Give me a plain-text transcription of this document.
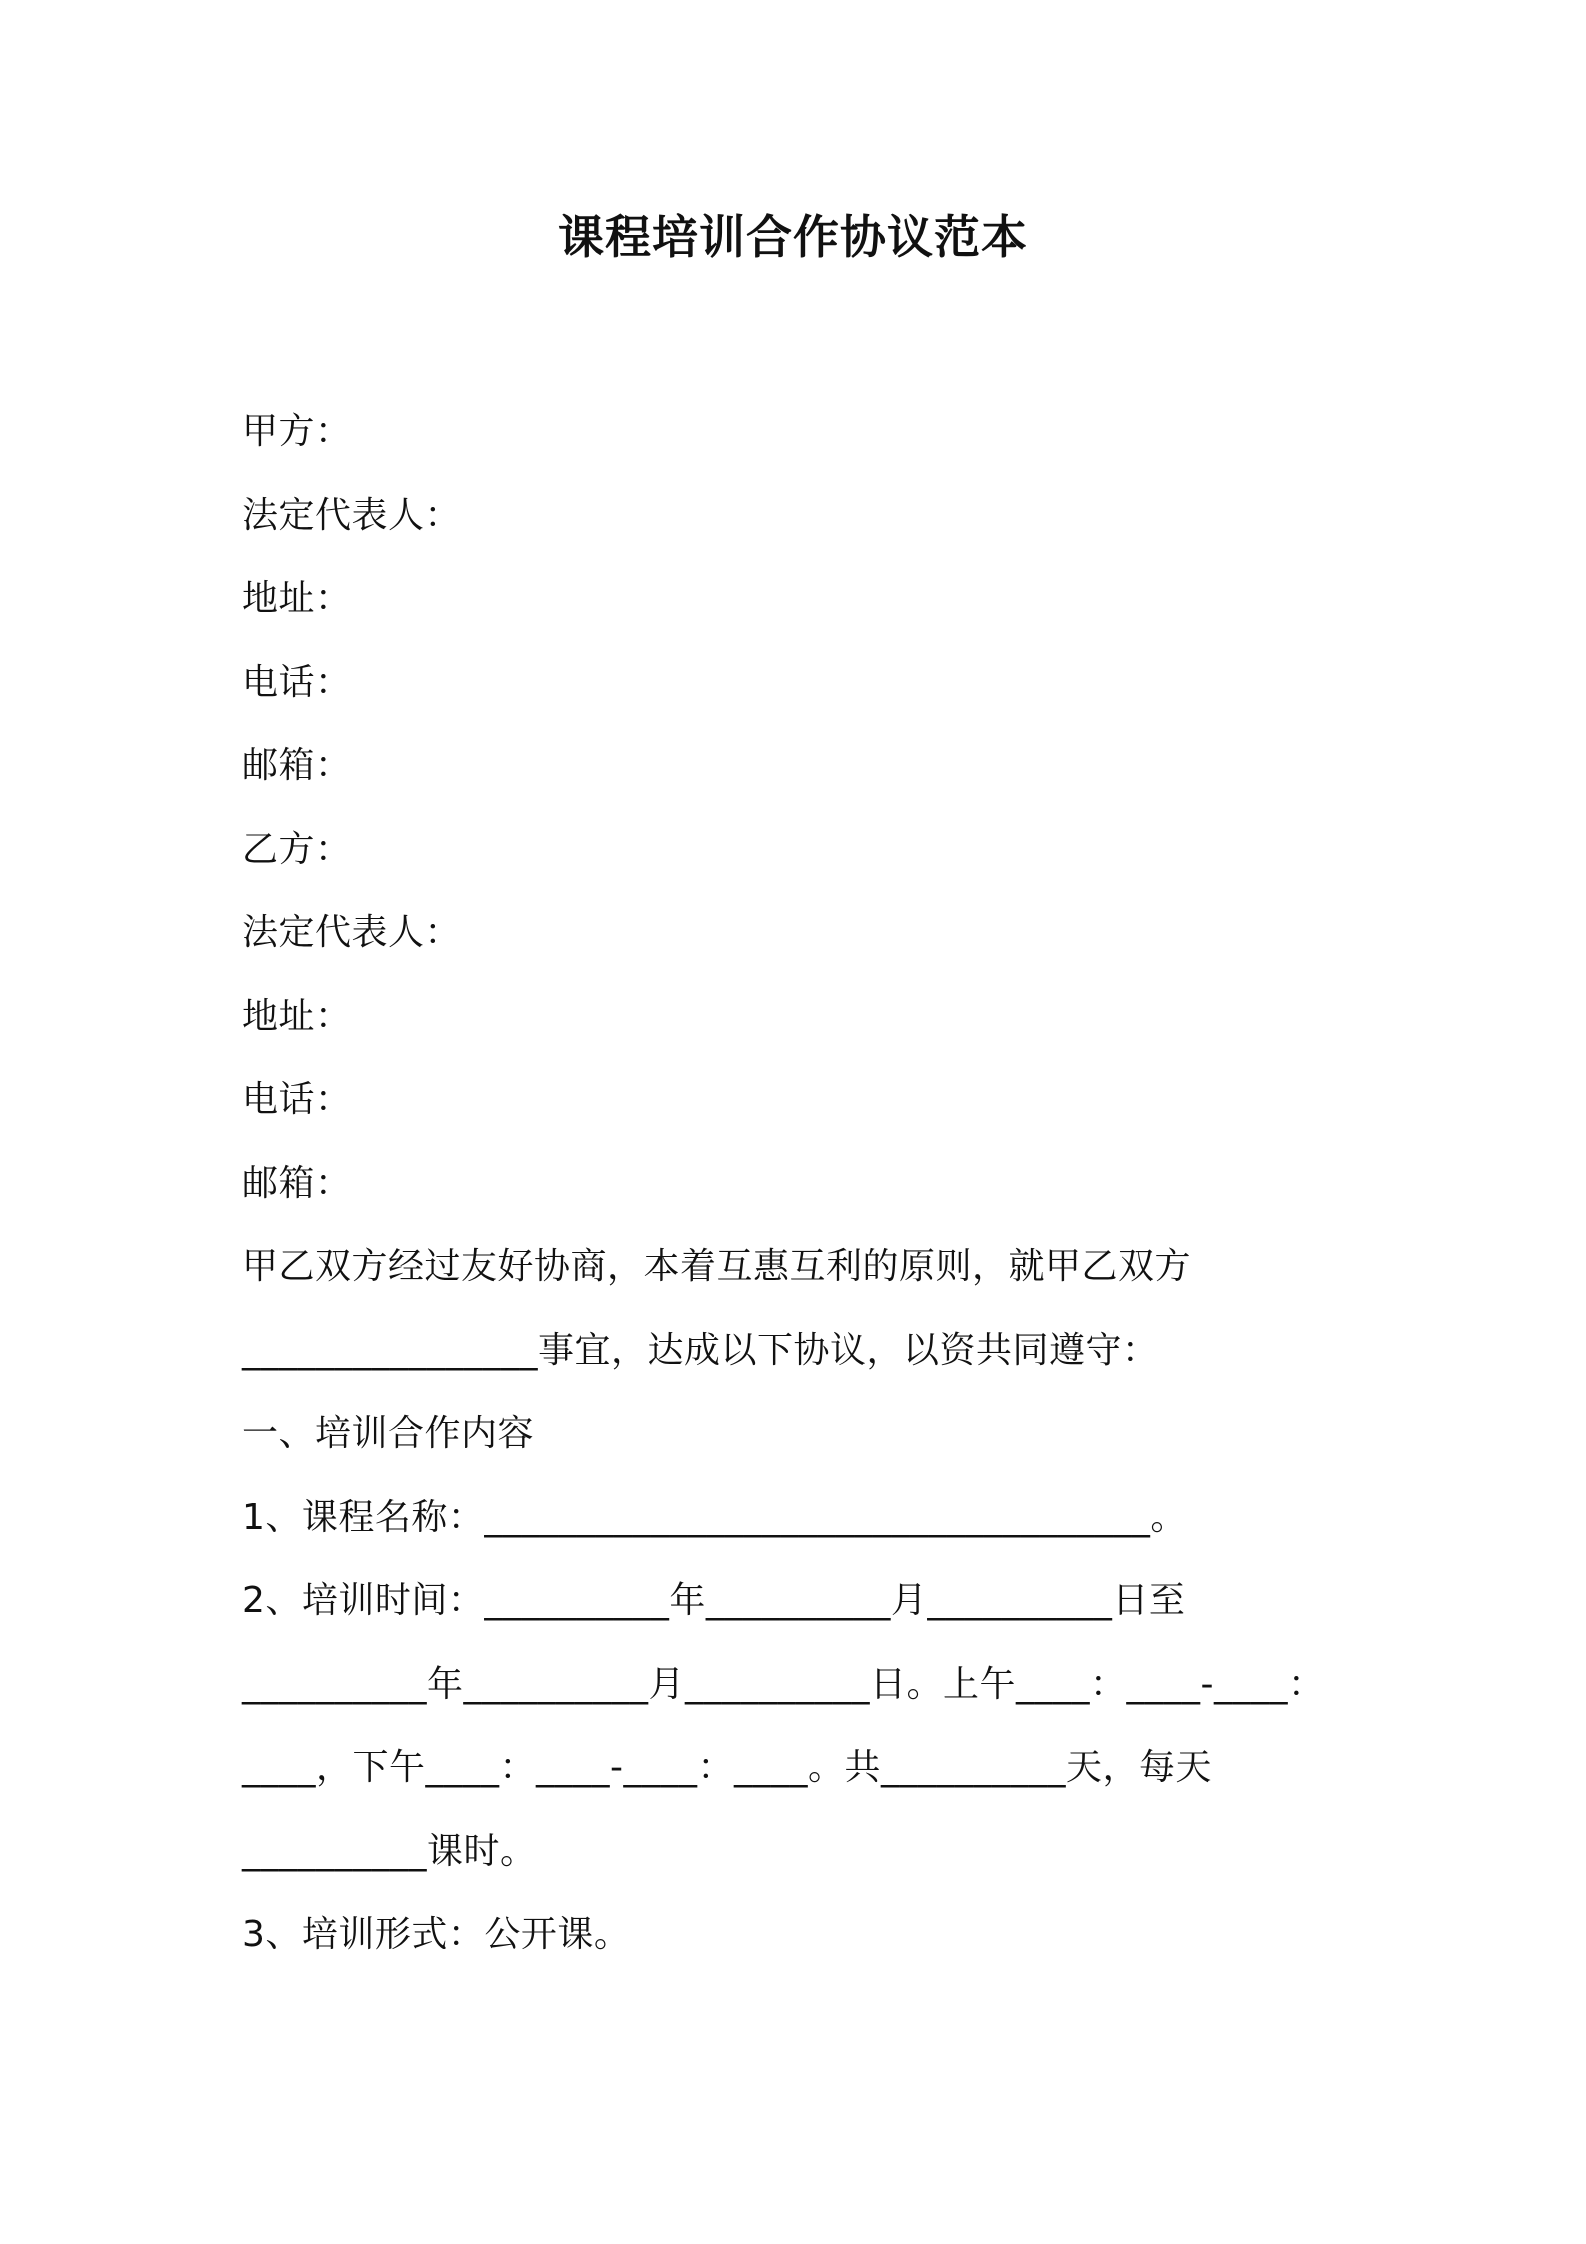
课程培训合作协议范本
甲方：
法定代表人：
地址：
电话：
邮箱：
乙方：
法定代表人：
地址：
电话：
邮箱：
甲乙双方经过友好协商，本着互惠互利的原则，就甲乙双方
________________事宜，达成以下协议，以资共同遵守：
一、培训合作内容
1、课程名称：____________________________________。
2、培训时间：__________年__________月__________日至
__________年__________月__________日。上午____：____-____：
____，下午____：____-____：____。共__________天，每天
__________课时。
3、培训形式：公开课。
